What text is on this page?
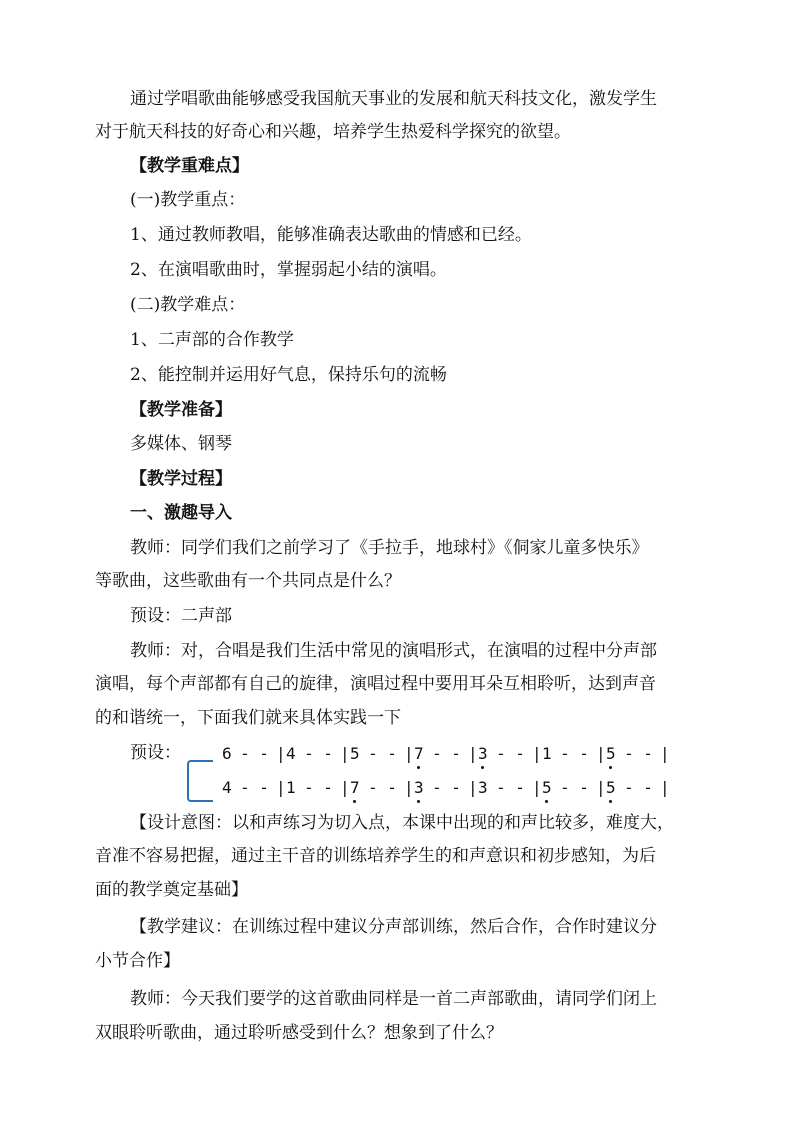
通过学唱歌曲能够感受我国航天事业的发展和航天科技文化，激发学生
对于航天科技的好奇心和兴趣，培养学生热爱科学探究的欲望。
【教学重难点】
(一)教学重点：
1、通过教师教唱，能够准确表达歌曲的情感和已经。
2、在演唱歌曲时，掌握弱起小结的演唱。
(二)教学难点：
1、二声部的合作教学
2、能控制并运用好气息，保持乐句的流畅
【教学准备】
多媒体、钢琴
【教学过程】
一、激趣导入
教师：同学们我们之前学习了《手拉手，地球村》《侗家儿童多快乐》
等歌曲，这些歌曲有一个共同点是什么？
预设：二声部
教师：对，合唱是我们生活中常见的演唱形式，在演唱的过程中分声部
演唱，每个声部都有自己的旋律，演唱过程中要用耳朵互相聆听，达到声音
的和谐统一，下面我们就来具体实践一下
预设：
【设计意图：以和声练习为切入点，本课中出现的和声比较多，难度大，
音准不容易把握，通过主干音的训练培养学生的和声意识和初步感知，为后
面的教学奠定基础】
【教学建议：在训练过程中建议分声部训练，然后合作，合作时建议分
小节合作】
教师：今天我们要学的这首歌曲同样是一首二声部歌曲，请同学们闭上
双眼聆听歌曲，通过聆听感受到什么？想象到了什么？
6 - - | 4 - - | 5 - - | 7 - - | 3 - - | 1 - - | 5 - - |
4 - - | 1 - - | 7 - - | 3 - - | 3 - - | 5 - - | 5 - - |
